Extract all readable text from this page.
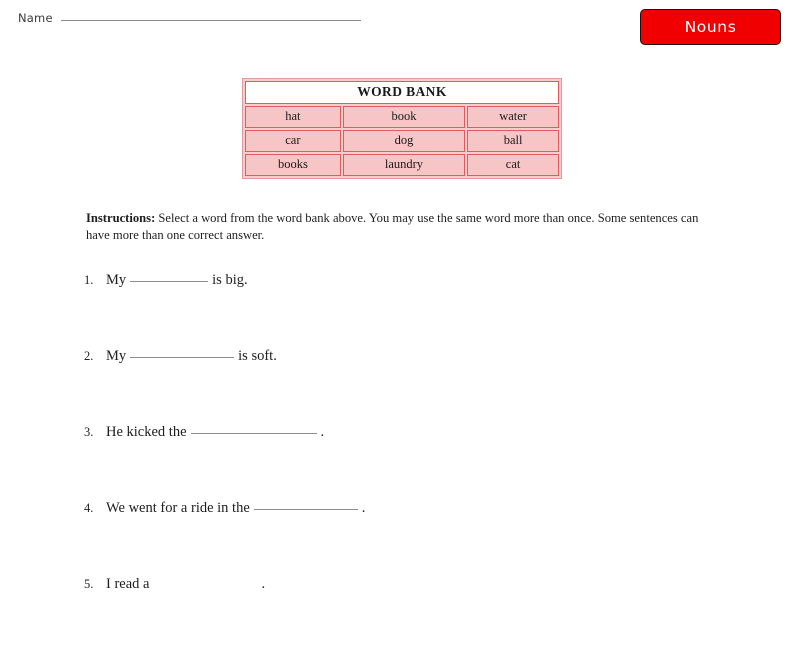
Name	Nouns
WORD BANK
hat	book	water
car	dog	ball
books	laundry	cat
Instructions: Select a word from the word bank above. You may use the same word more than once. Some sentences can have more than one correct answer.
1. My	is big.
2. My	is soft.
3. He kicked the	.
4. We went for a ride in the	.
5. I read a	.
